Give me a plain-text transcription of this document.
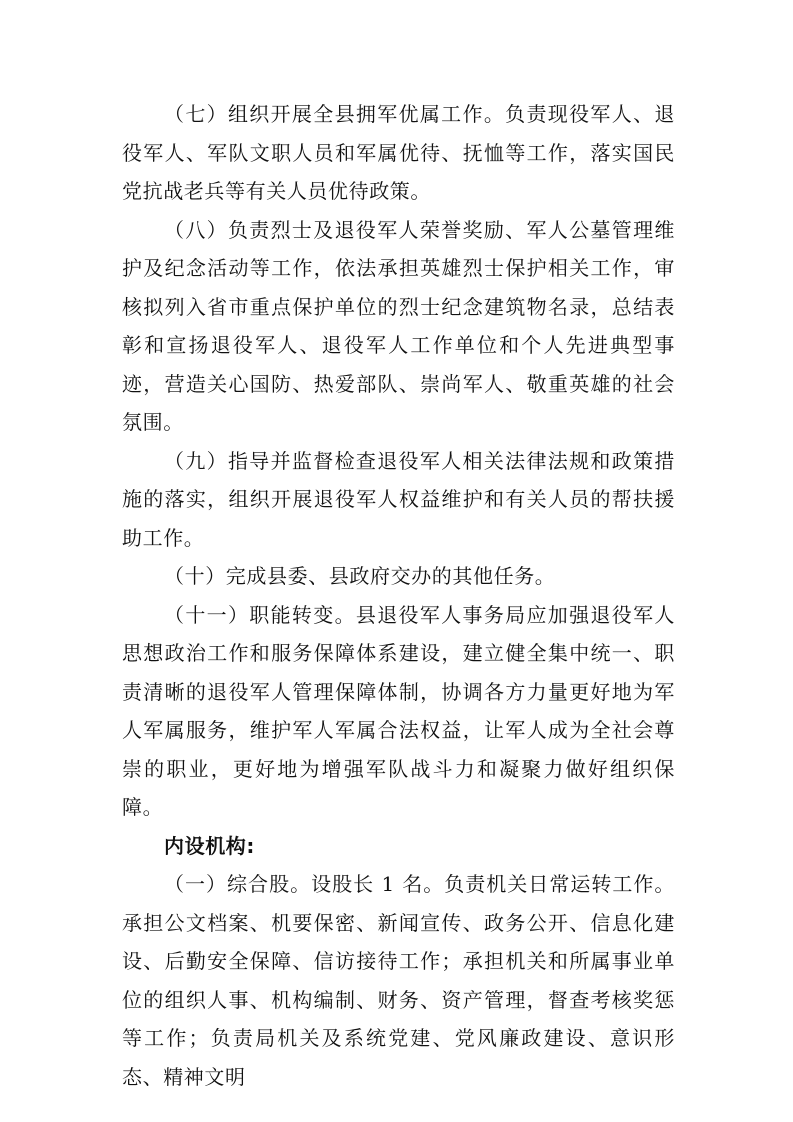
（七）组织开展全县拥军优属工作。负责现役军人、退役军人、军队文职人员和军属优待、抚恤等工作，落实国民党抗战老兵等有关人员优待政策。

（八）负责烈士及退役军人荣誉奖励、军人公墓管理维护及纪念活动等工作，依法承担英雄烈士保护相关工作，审核拟列入省市重点保护单位的烈士纪念建筑物名录，总结表彰和宣扬退役军人、退役军人工作单位和个人先进典型事迹，营造关心国防、热爱部队、崇尚军人、敬重英雄的社会氛围。

（九）指导并监督检查退役军人相关法律法规和政策措施的落实，组织开展退役军人权益维护和有关人员的帮扶援助工作。

（十）完成县委、县政府交办的其他任务。

（十一）职能转变。县退役军人事务局应加强退役军人思想政治工作和服务保障体系建设，建立健全集中统一、职责清晰的退役军人管理保障体制，协调各方力量更好地为军人军属服务，维护军人军属合法权益，让军人成为全社会尊崇的职业，更好地为增强军队战斗力和凝聚力做好组织保障。

内设机构:

（一）综合股。设股长 1 名。负责机关日常运转工作。 承担公文档案、机要保密、新闻宣传、政务公开、信息化建设、后勤安全保障、信访接待工作；承担机关和所属事业单位的组织人事、机构编制、财务、资产管理，督查考核奖惩等工作；负责局机关及系统党建、党风廉政建设、意识形态、精神文明
